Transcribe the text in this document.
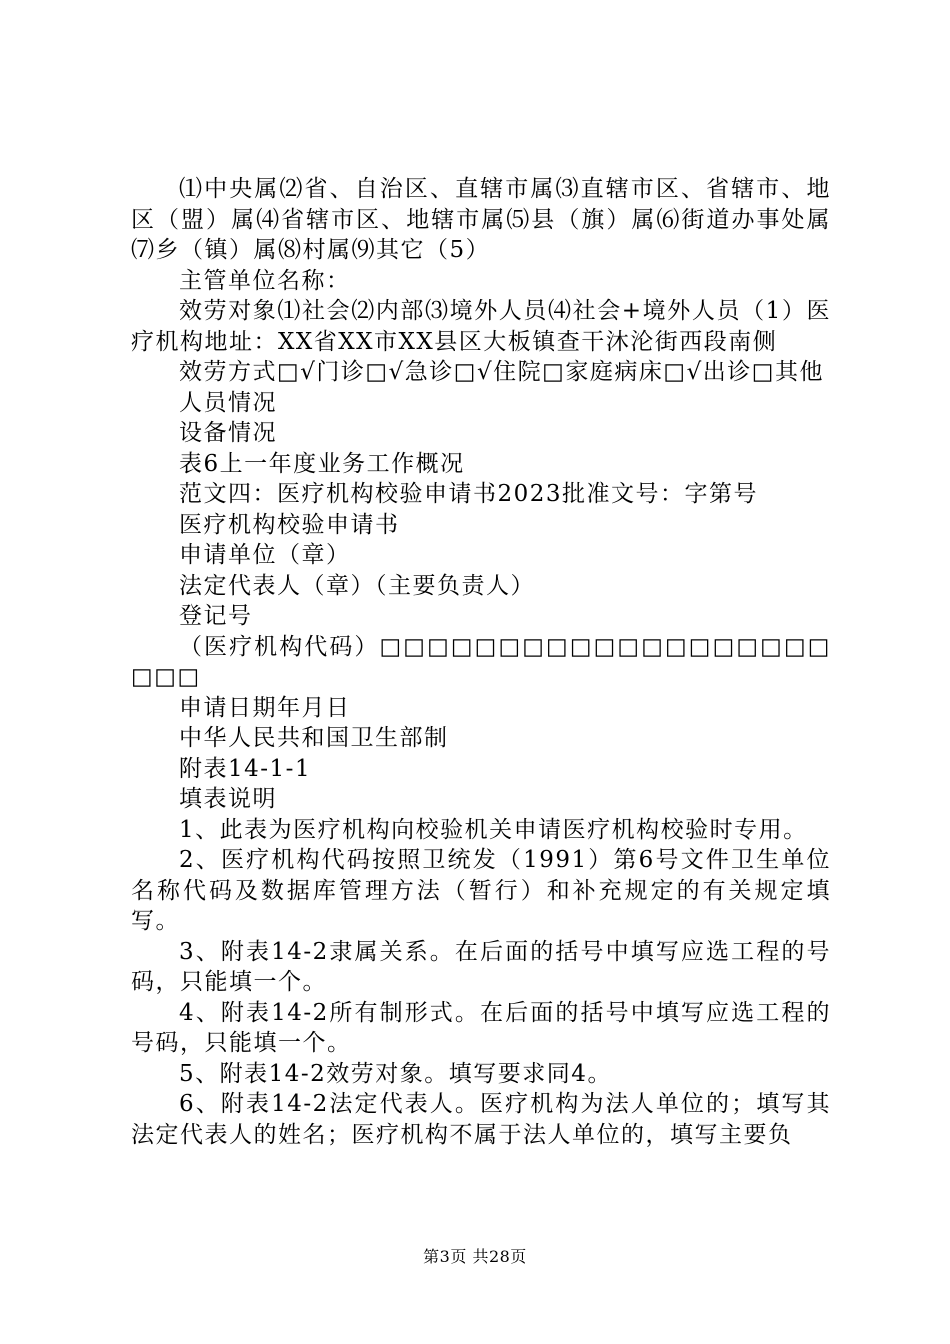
⑴中央属⑵省、自治区、直辖市属⑶直辖市区、省辖市、地区（盟）属⑷省辖市区、地辖市属⑸县（旗）属⑹街道办事处属⑺乡（镇）属⑻村属⑼其它（5）

主管单位名称：

效劳对象⑴社会⑵内部⑶境外人员⑷社会+境外人员（1）医疗机构地址：XX省XX市XX县区大板镇查干沐沦街西段南侧

效劳方式□√门诊□√急诊□√住院□家庭病床□√出诊□其他

人员情况

设备情况

表6上一年度业务工作概况

范文四：医疗机构校验申请书2023批准文号：字第号

医疗机构校验申请书

申请单位（章）

法定代表人（章）（主要负责人）

登记号

（医疗机构代码）□□□□□□□□□□□□□□□□□□□□□□

申请日期年月日

中华人民共和国卫生部制

附表14-1-1

填表说明

1、此表为医疗机构向校验机关申请医疗机构校验时专用。

2、医疗机构代码按照卫统发（1991）第6号文件卫生单位名称代码及数据库管理方法（暂行）和补充规定的有关规定填写。

3、附表14-2隶属关系。在后面的括号中填写应选工程的号码，只能填一个。

4、附表14-2所有制形式。在后面的括号中填写应选工程的号码，只能填一个。

5、附表14-2效劳对象。填写要求同4。

6、附表14-2法定代表人。医疗机构为法人单位的；填写其法定代表人的姓名；医疗机构不属于法人单位的，填写主要负

第3页 共28页
